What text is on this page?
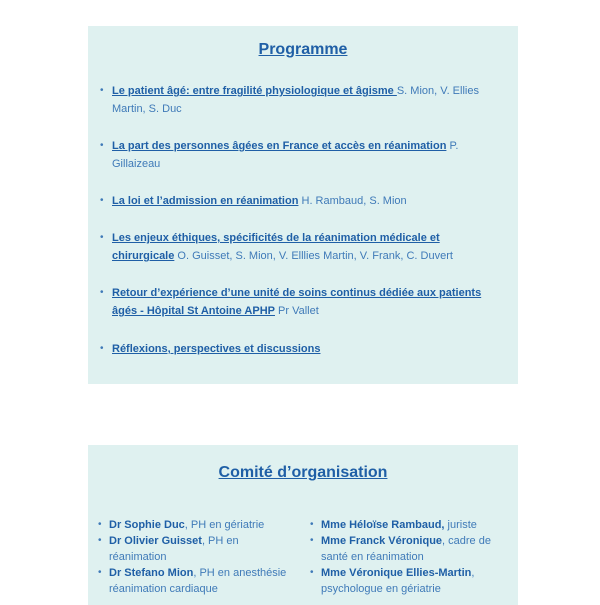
Programme
• Le patient âgé: entre fragilité physiologique et âgisme S. Mion, V. Ellies Martin, S. Duc
• La part des personnes âgées en France et accès en réanimation P. Gillaizeau
• La loi et l’admission en réanimation H. Rambaud, S. Mion
• Les enjeux éthiques, spécificités de la réanimation médicale et chirurgicale O. Guisset, S. Mion, V. Elllies Martin, V. Frank, C. Duvert
• Retour d’expérience d’une unité de soins continus dédiée aux patients âgés - Hôpital St Antoine APHP Pr Vallet
• Réflexions, perspectives et discussions
Comité d’organisation
• Dr Sophie Duc, PH en gériatrie
• Dr Olivier Guisset, PH en réanimation
• Dr Stefano Mion, PH en anesthésie réanimation cardiaque
• Mme Héloïse Rambaud, juriste
• Mme Franck Véronique, cadre de santé en réanimation
• Mme Véronique Ellies-Martin, psychologue en gériatrie
